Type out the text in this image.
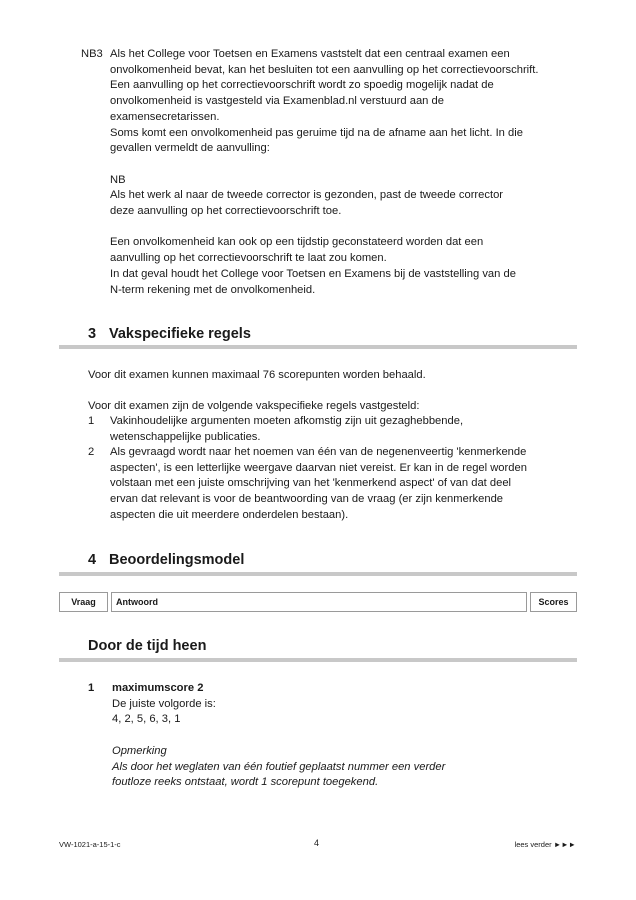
NB3 Als het College voor Toetsen en Examens vaststelt dat een centraal examen een
onvolkomenheid bevat, kan het besluiten tot een aanvulling op het correctievoorschrift.
Een aanvulling op het correctievoorschrift wordt zo spoedig mogelijk nadat de
onvolkomenheid is vastgesteld via Examenblad.nl verstuurd aan de
examensecretarissen.
Soms komt een onvolkomenheid pas geruime tijd na de afname aan het licht. In die
gevallen vermeldt de aanvulling:
NB
Als het werk al naar de tweede corrector is gezonden, past de tweede corrector
deze aanvulling op het correctievoorschrift toe.
Een onvolkomenheid kan ook op een tijdstip geconstateerd worden dat een
aanvulling op het correctievoorschrift te laat zou komen.
In dat geval houdt het College voor Toetsen en Examens bij de vaststelling van de
N-term rekening met de onvolkomenheid.
3 Vakspecifieke regels
Voor dit examen kunnen maximaal 76 scorepunten worden behaald.
Voor dit examen zijn de volgende vakspecifieke regels vastgesteld:
1 Vakinhoudelijke argumenten moeten afkomstig zijn uit gezaghebbende,
wetenschappelijke publicaties.
2 Als gevraagd wordt naar het noemen van één van de negenenveertig 'kenmerkende
aspecten', is een letterlijke weergave daarvan niet vereist. Er kan in de regel worden
volstaan met een juiste omschrijving van het 'kenmerkend aspect' of van dat deel
ervan dat relevant is voor de beantwoording van de vraag (er zijn kenmerkende
aspecten die uit meerdere onderdelen bestaan).
4 Beoordelingsmodel
Vraag	Antwoord	Scores
Door de tijd heen
1 maximumscore 2
De juiste volgorde is:
4, 2, 5, 6, 3, 1
Opmerking
Als door het weglaten van één foutief geplaatst nummer een verder
foutloze reeks ontstaat, wordt 1 scorepunt toegekend.
VW-1021-a-15-1-c	4	lees verder ►►►
